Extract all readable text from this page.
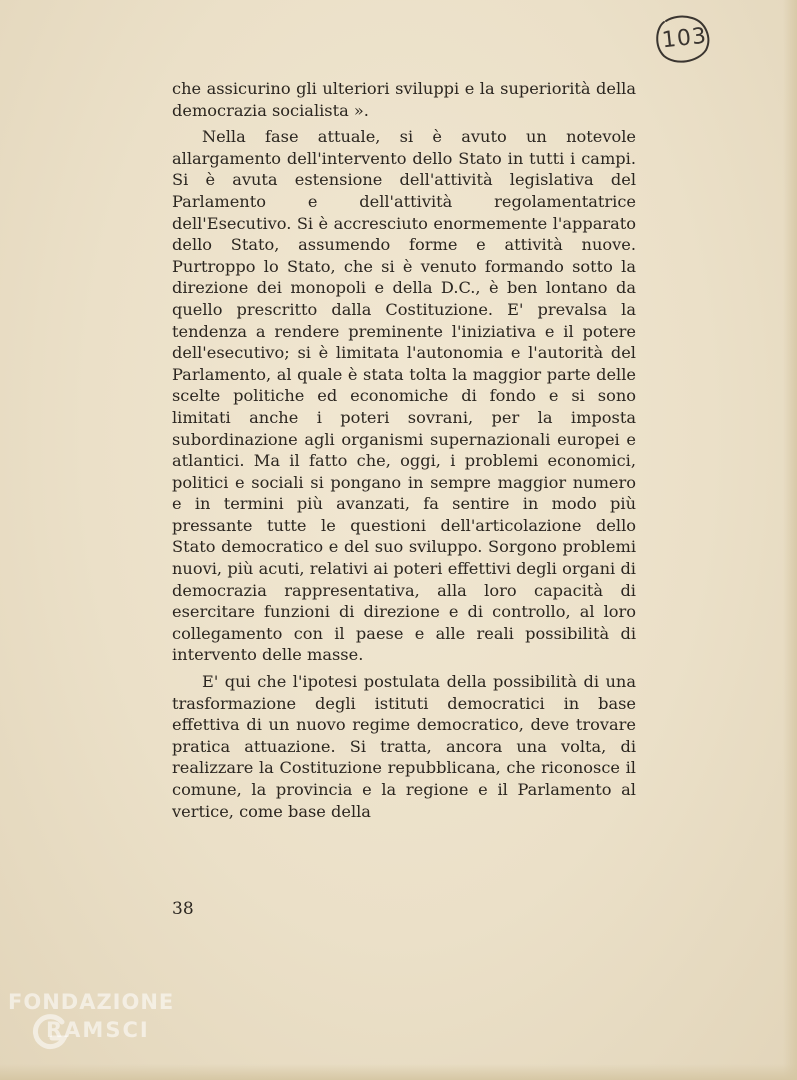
103

che assicurino gli ulteriori sviluppi e la superiorità della democrazia socialista ».

Nella fase attuale, si è avuto un notevole allargamento dell'intervento dello Stato in tutti i campi. Si è avuta estensione dell'attività legislativa del Parlamento e dell'attività regolamentatrice dell'Esecutivo. Si è accresciuto enormemente l'apparato dello Stato, assumendo forme e attività nuove. Purtroppo lo Stato, che si è venuto formando sotto la direzione dei monopoli e della D.C., è ben lontano da quello prescritto dalla Costituzione. E' prevalsa la tendenza a rendere preminente l'iniziativa e il potere dell'esecutivo; si è limitata l'autonomia e l'autorità del Parlamento, al quale è stata tolta la maggior parte delle scelte politiche ed economiche di fondo e si sono limitati anche i poteri sovrani, per la imposta subordinazione agli organismi supernazionali europei e atlantici. Ma il fatto che, oggi, i problemi economici, politici e sociali si pongano in sempre maggior numero e in termini più avanzati, fa sentire in modo più pressante tutte le questioni dell'articolazione dello Stato democratico e del suo sviluppo. Sorgono problemi nuovi, più acuti, relativi ai poteri effettivi degli organi di democrazia rappresentativa, alla loro capacità di esercitare funzioni di direzione e di controllo, al loro collegamento con il paese e alle reali possibilità di intervento delle masse.

E' qui che l'ipotesi postulata della possibilità di una trasformazione degli istituti democratici in base effettiva di un nuovo regime democratico, deve trovare pratica attuazione. Si tratta, ancora una volta, di realizzare la Costituzione repubblicana, che riconosce il comune, la provincia e la regione e il Parlamento al vertice, come base della

38
FONDAZIONE
RAMSCI
